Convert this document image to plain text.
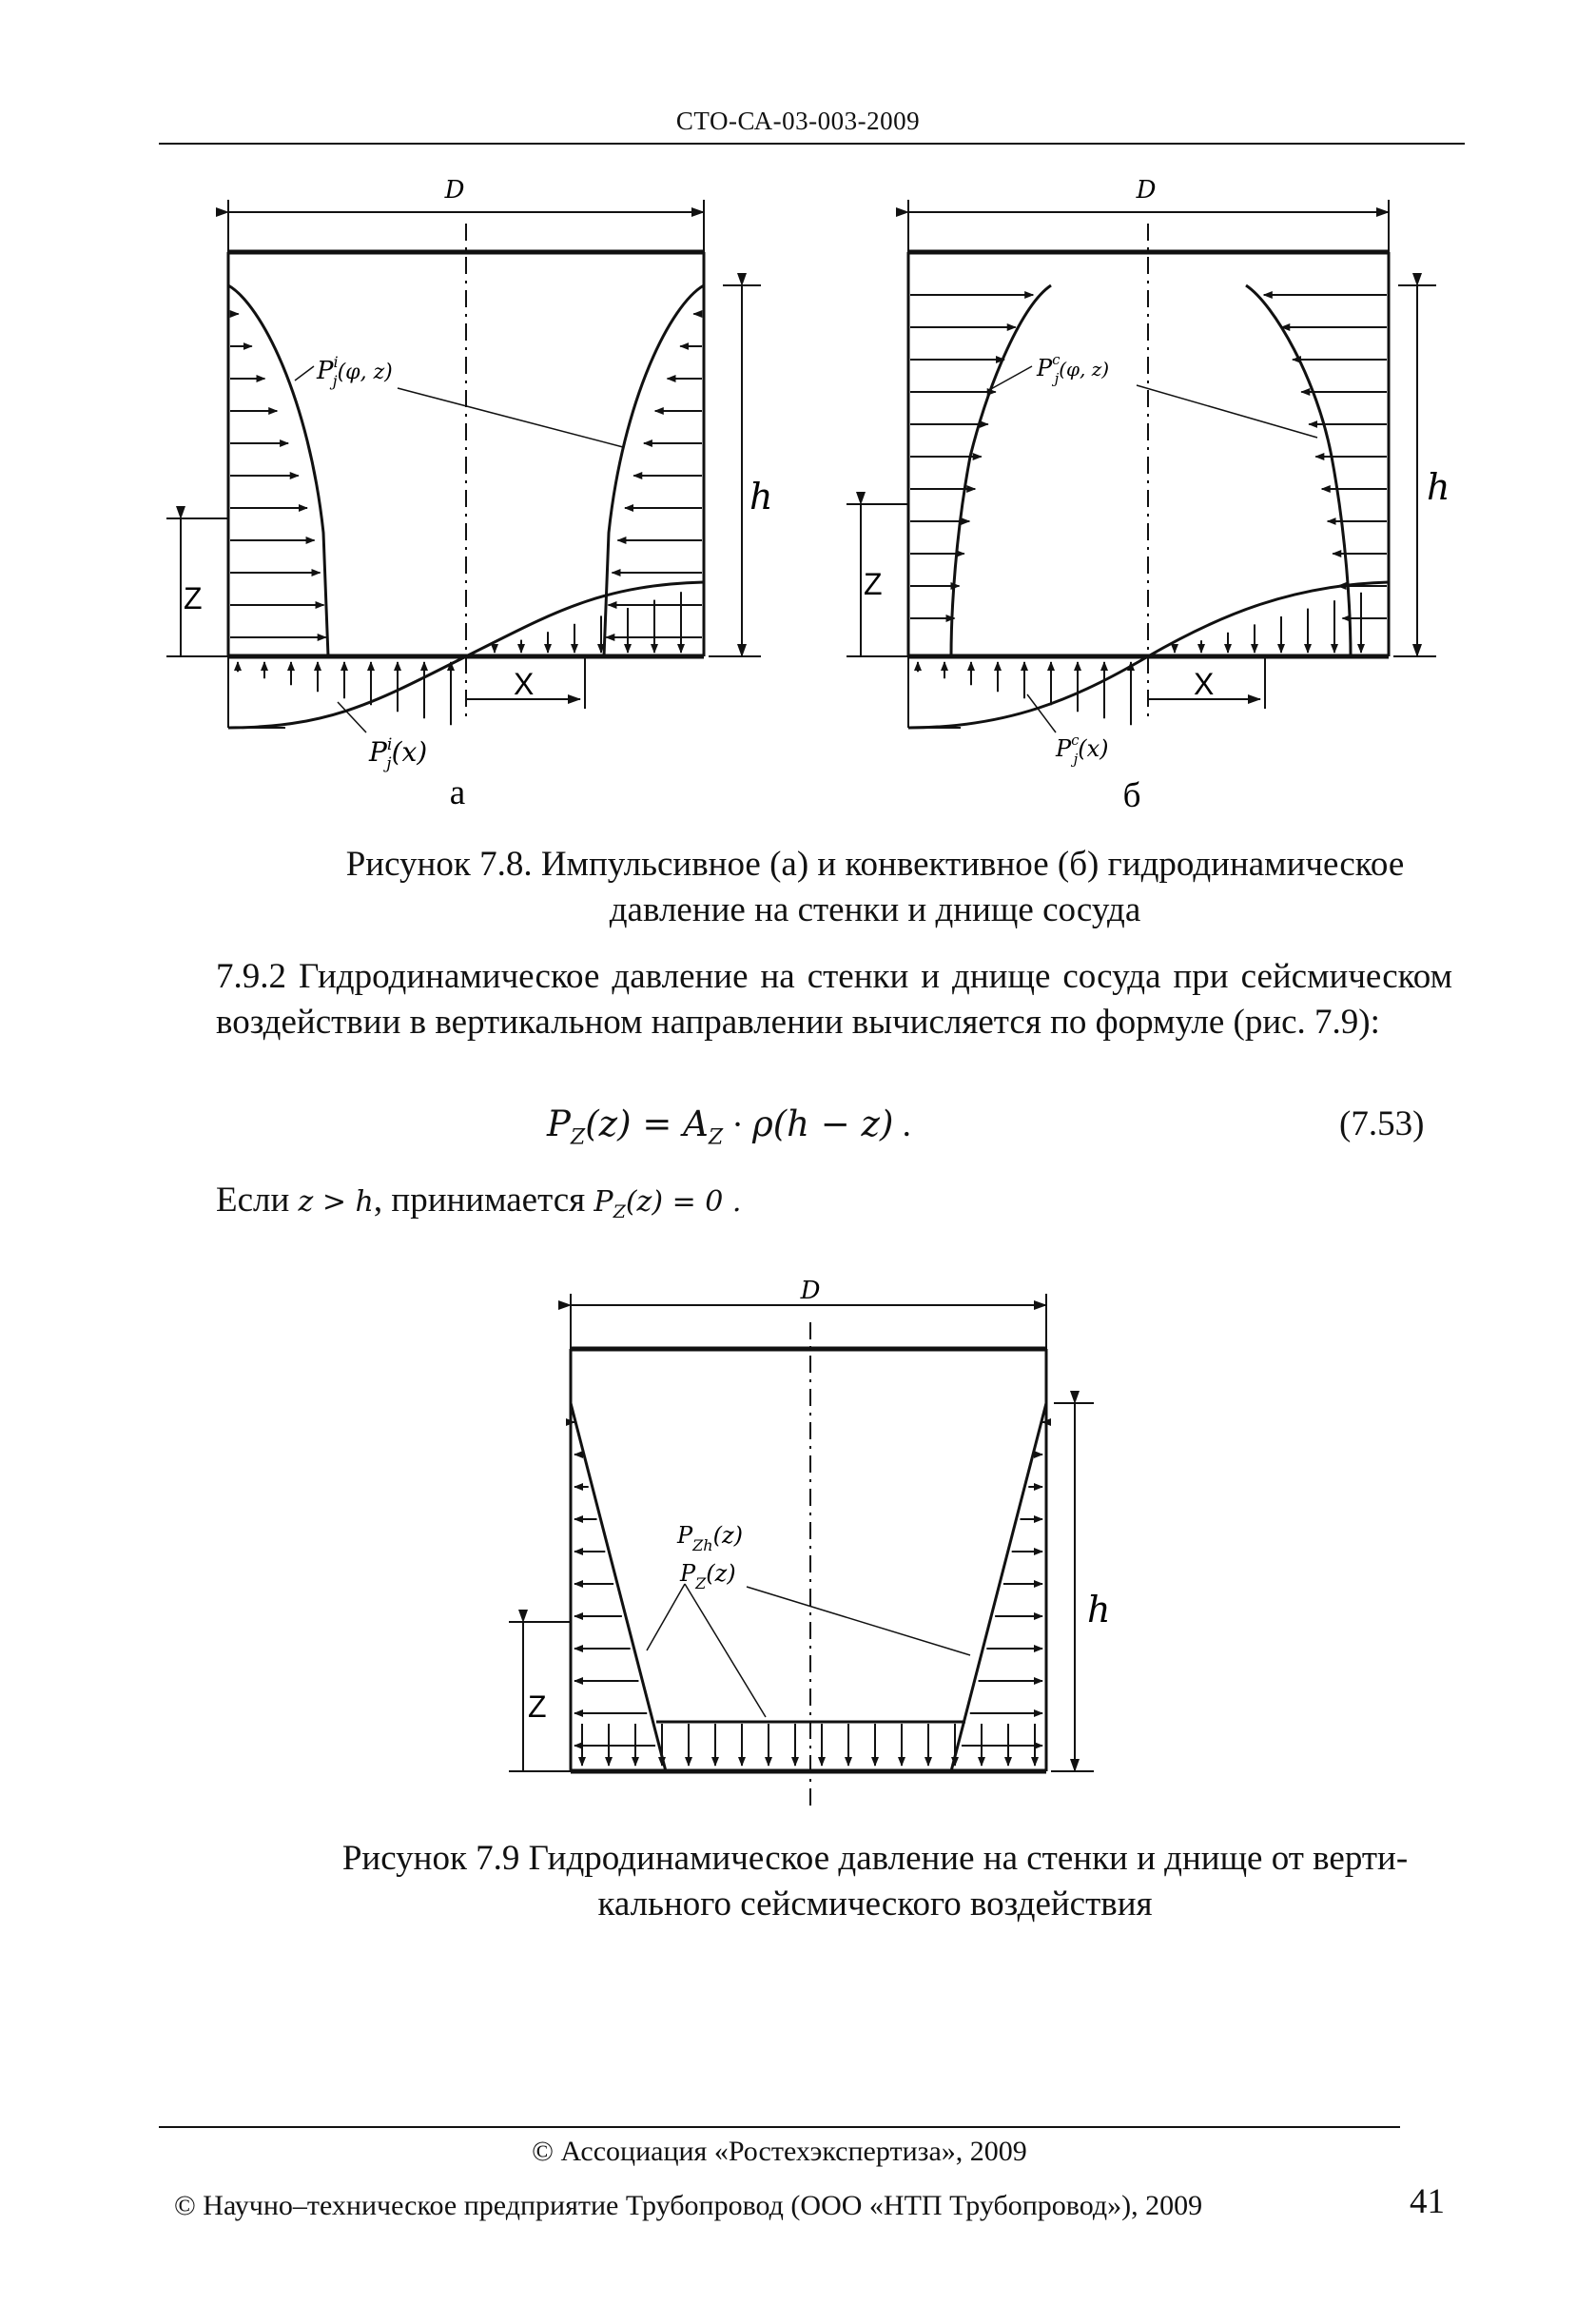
СТО-СА-03-003-2009
D
h
Z
X
$P^i$ $j^{(\varphi, z)}$
$P^i$ j(x)
а
D
h
Z
X
$P^c$ $j^{(\varphi, z)}$
$P^c$ j(x)
б
Рисунок 7.8. Импульсивное (а) и конвективное (б) гидродинамическое
давление на стенки и днище сосуда
7.9.2 Гидродинамическое давление на стенки и днище сосуда при сейсмическом воздействии в вертикальном направлении вычисляется по формуле (рис. 7.9):
$P_Z(z) = A_Z \cdot \rho(h - z)$ .	(7.53)
Если z > h, принимается $P_Z(z) = 0$ .
D
h
Z
$P_{Zh}(z)$
$P_Z(z)$
Рисунок 7.9 Гидродинамическое давление на стенки и днище от верти-
кального сейсмического воздействия
© Ассоциация «Ростехэкспертиза», 2009
© Научно–техническое предприятие Трубопровод (ООО «НТП Трубопровод»), 2009	41
